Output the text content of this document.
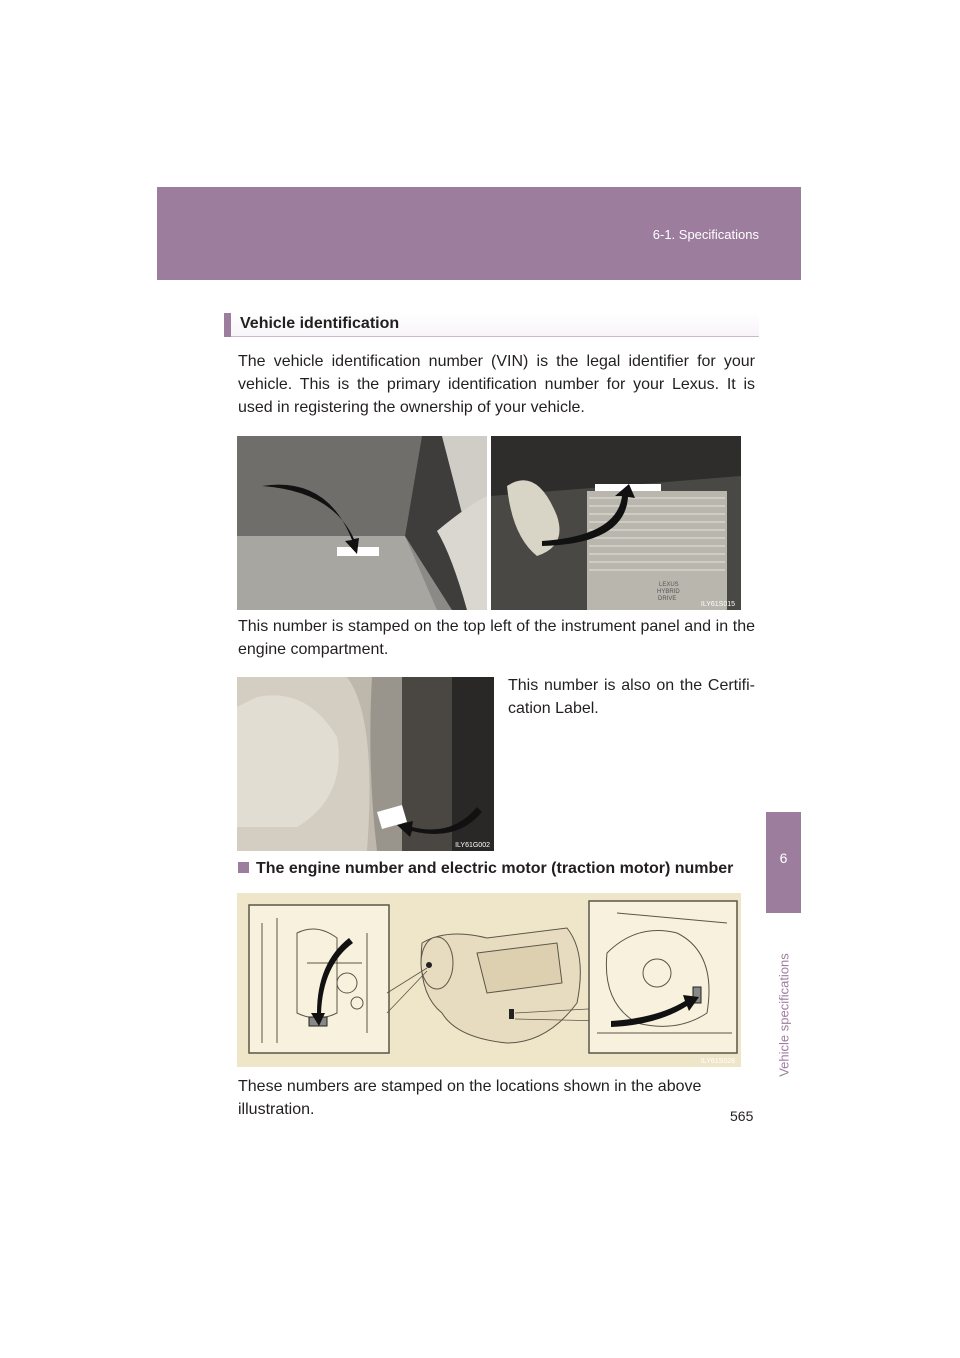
6-1. Specifications
6
Vehicle specifications
Vehicle identification
The vehicle identification number (VIN) is the legal identifier for your vehicle. This is the primary identification number for your Lexus. It is used in registering the ownership of your vehicle.
LEXUS
HYBRID
DRIVE
ILY61S015
This number is stamped on the top left of the instrument panel and in the engine compartment.
ILY61G002
This number is also on the Certifi-cation Label.
The engine number and electric motor (traction motor) number
ILY61S028
These numbers are stamped on the locations shown in the above illustration.	565
